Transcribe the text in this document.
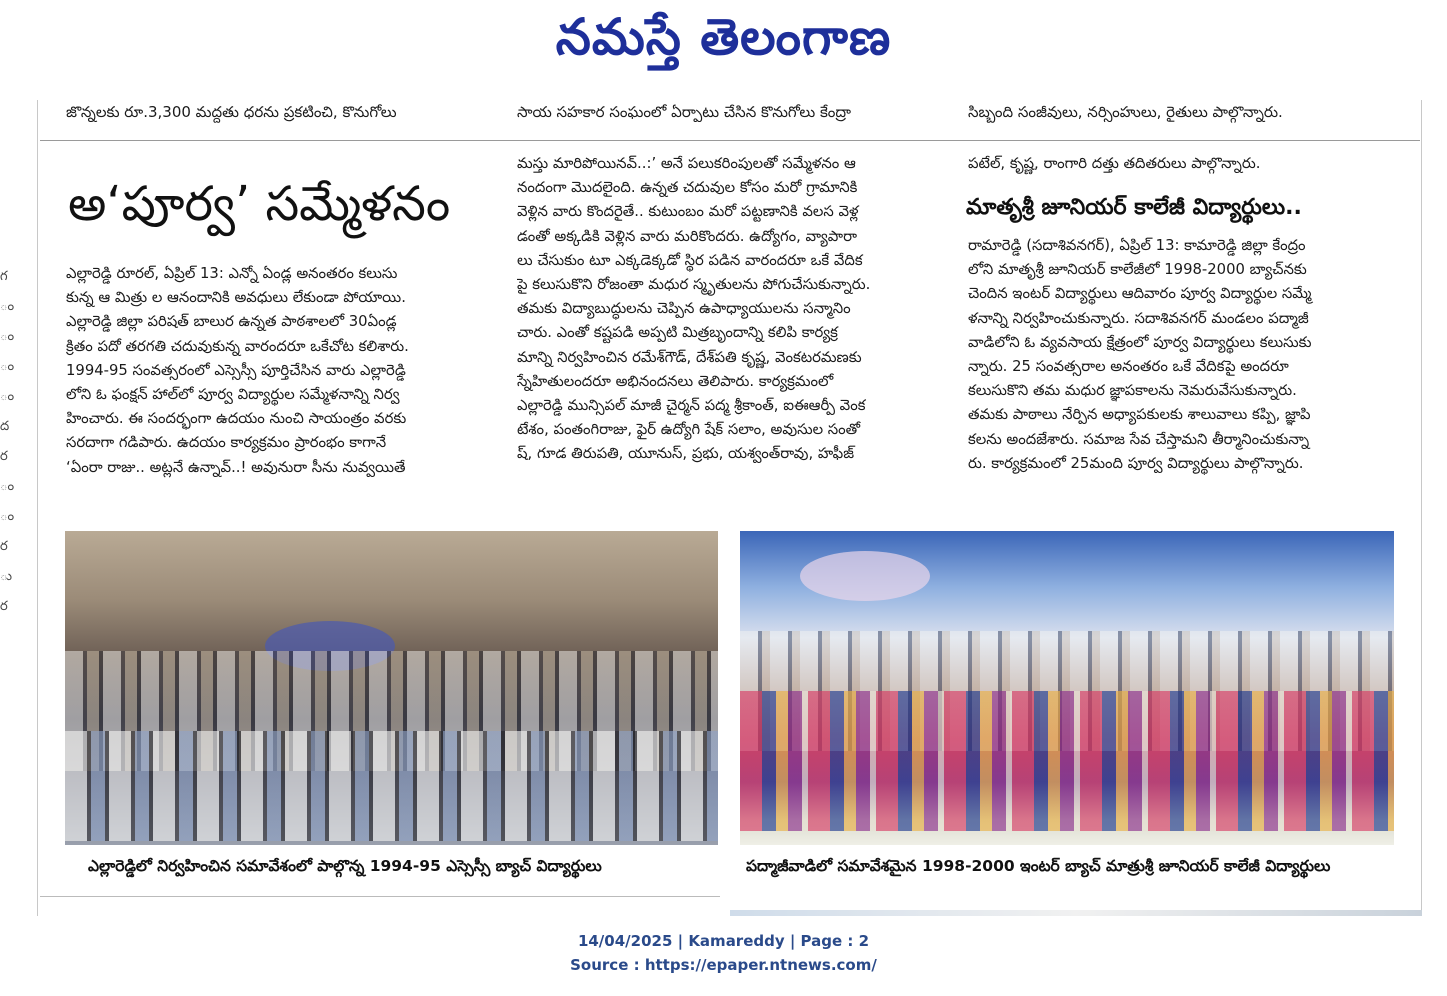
నమస్తే తెలంగాణ
గ
ం
ం
ం
ం
ద
ర
ం
ం
ర
ు
ర
జొన్నలకు రూ.3,300 మద్దతు ధరను ప్రకటించి, కొనుగోలు	సాయ సహకార సంఘంలో ఏర్పాటు చేసిన కొనుగోలు కేంద్రా	సిబ్బంది సంజీవులు, నర్సింహులు, రైతులు పాల్గొన్నారు.
అ‘పూర్వ’ సమ్మేళనం

ఎల్లారెడ్డి రూరల్‌, ఏప్రిల్‌ 13: ఎన్నో ఏండ్ల అనంతరం కలుసు

కున్న ఆ మిత్రు ల ఆనందానికి అవధులు లేకుండా పోయాయి.

ఎల్లారెడ్డి జిల్లా పరిషత్‌ బాలుర ఉన్నత పాఠశాలలో 30ఏండ్ల

క్రితం పదో తరగతి చదువుకున్న వారందరూ ఒకేచోట కలిశారు.

1994-95 సంవత్సరంలో ఎస్సెస్సీ పూర్తిచేసిన వారు ఎల్లారెడ్డి

లోని ఓ ఫంక్షన్‌ హాల్‌లో పూర్వ విద్యార్థుల సమ్మేళనాన్ని నిర్వ

హించారు. ఈ సందర్భంగా ఉదయం నుంచి సాయంత్రం వరకు

సరదాగా గడిపారు. ఉదయం కార్యక్రమం ప్రారంభం కాగానే

‘ఏంరా రాజు.. అట్లనే ఉన్నావ్‌..! అవునురా సీను నువ్వయితే

మస్తు మారిపోయినవ్‌..:’ అనే పలుకరింపులతో సమ్మేళనం ఆ

నందంగా మొదలైంది. ఉన్నత చదువుల కోసం మరో గ్రామానికి

వెళ్లిన వారు కొందరైతే.. కుటుంబం మరో పట్టణానికి వలస వెళ్ల

డంతో అక్కడికి వెళ్లిన వారు మరికొందరు. ఉద్యోగం, వ్యాపారా

లు చేసుకుం టూ ఎక్కడెక్కడో స్థిర పడిన వారందరూ ఒకే వేదిక

పై కలుసుకొని రోజంతా మధుర స్మృతులను పోగుచేసుకున్నారు.

తమకు విద్యాబుద్ధులను చెప్పిన ఉపాధ్యాయులను సన్మానిం

చారు. ఎంతో కష్టపడి అప్పటి మిత్రబృందాన్ని కలిపి కార్యక్ర

మాన్ని నిర్వహించిన రమేశ్‌గౌడ్‌, దేశ్‌పతి కృష్ణ, వెంకటరమణకు

స్నేహితులందరూ అభినందనలు తెలిపారు. కార్యక్రమంలో

ఎల్లారెడ్డి మున్సిపల్‌ మాజీ చైర్మన్‌ పద్మ శ్రీకాంత్‌, ఐఈఆర్పీ వెంక

టేశం, పంతంగిరాజు, ఫైర్‌ ఉద్యోగి షేక్‌ సలాం, అవుసుల సంతో

ష్‌, గూడ తిరుపతి, యూనుస్‌, ప్రభు, యశ్వంత్‌రావు, హఫీజ్‌

పటేల్‌, కృష్ణ, రాంగారి దత్తు తదితరులు పాల్గొన్నారు.

మాతృశ్రీ జూనియర్‌ కాలేజీ విద్యార్థులు..

రామారెడ్డి (సదాశివనగర్‌), ఏప్రిల్‌ 13: కామారెడ్డి జిల్లా కేంద్రం

లోని మాతృశ్రీ జూనియర్‌ కాలేజీలో 1998-2000 బ్యాచ్‌నకు

చెందిన ఇంటర్‌ విద్యార్థులు ఆదివారం పూర్వ విద్యార్థుల సమ్మే

ళనాన్ని నిర్వహించుకున్నారు. సదాశివనగర్‌ మండలం పద్మాజీ

వాడిలోని ఓ వ్యవసాయ క్షేత్రంలో పూర్వ విద్యార్థులు కలుసుకు

న్నారు. 25 సంవత్సరాల అనంతరం ఒకే వేదికపై అందరూ

కలుసుకొని తమ మధుర జ్ఞాపకాలను నెమరువేసుకున్నారు.

తమకు పాఠాలు నేర్పిన అధ్యాపకులకు శాలువాలు కప్పి, జ్ఞాపి

కలను అందజేశారు. సమాజ సేవ చేస్తామని తీర్మానించుకున్నా

రు. కార్యక్రమంలో 25మంది పూర్వ విద్యార్థులు పాల్గొన్నారు.

ఎల్లారెడ్డిలో నిర్వహించిన సమావేశంలో పాల్గొన్న 1994-95 ఎస్సెస్సీ బ్యాచ్‌ విద్యార్థులు	పద్మాజీవాడిలో సమావేశమైన 1998-2000 ఇంటర్‌ బ్యాచ్‌ మాత్రుశ్రీ జూనియర్‌ కాలేజీ విద్యార్థులు
14/04/2025 | Kamareddy | Page : 2
Source : https://epaper.ntnews.com/
